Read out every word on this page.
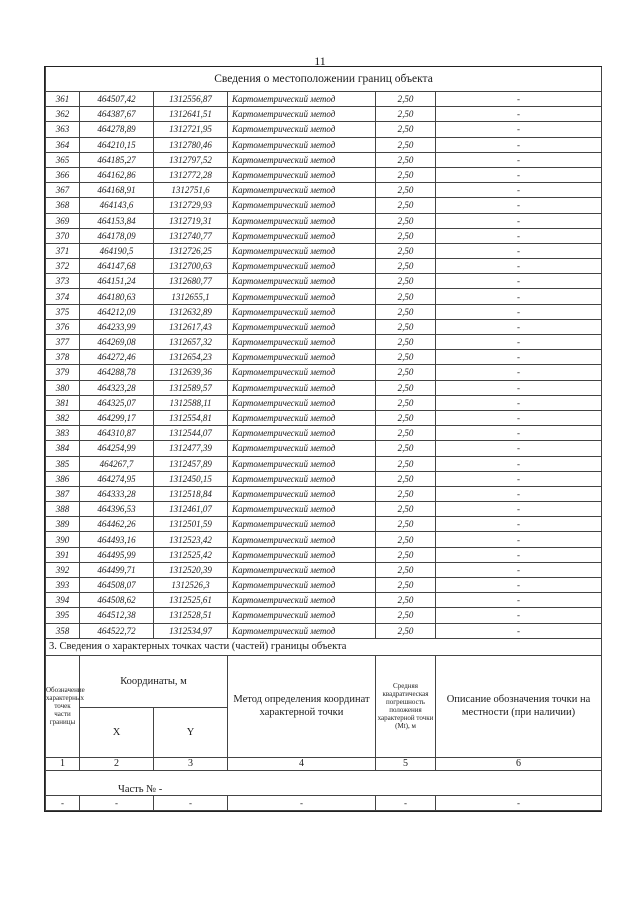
11
Сведения о местоположении границ объекта					
361	464507,42	1312556,87	Картометрический метод	2,50	-
362	464387,67	1312641,51	Картометрический метод	2,50	-
363	464278,89	1312721,95	Картометрический метод	2,50	-
364	464210,15	1312780,46	Картометрический метод	2,50	-
365	464185,27	1312797,52	Картометрический метод	2,50	-
366	464162,86	1312772,28	Картометрический метод	2,50	-
367	464168,91	1312751,6	Картометрический метод	2,50	-
368	464143,6	1312729,93	Картометрический метод	2,50	-
369	464153,84	1312719,31	Картометрический метод	2,50	-
370	464178,09	1312740,77	Картометрический метод	2,50	-
371	464190,5	1312726,25	Картометрический метод	2,50	-
372	464147,68	1312700,63	Картометрический метод	2,50	-
373	464151,24	1312680,77	Картометрический метод	2,50	-
374	464180,63	1312655,1	Картометрический метод	2,50	-
375	464212,09	1312632,89	Картометрический метод	2,50	-
376	464233,99	1312617,43	Картометрический метод	2,50	-
377	464269,08	1312657,32	Картометрический метод	2,50	-
378	464272,46	1312654,23	Картометрический метод	2,50	-
379	464288,78	1312639,36	Картометрический метод	2,50	-
380	464323,28	1312589,57	Картометрический метод	2,50	-
381	464325,07	1312588,11	Картометрический метод	2,50	-
382	464299,17	1312554,81	Картометрический метод	2,50	-
383	464310,87	1312544,07	Картометрический метод	2,50	-
384	464254,99	1312477,39	Картометрический метод	2,50	-
385	464267,7	1312457,89	Картометрический метод	2,50	-
386	464274,95	1312450,15	Картометрический метод	2,50	-
387	464333,28	1312518,84	Картометрический метод	2,50	-
388	464396,53	1312461,07	Картометрический метод	2,50	-
389	464462,26	1312501,59	Картометрический метод	2,50	-
390	464493,16	1312523,42	Картометрический метод	2,50	-
391	464495,99	1312525,42	Картометрический метод	2,50	-
392	464499,71	1312520,39	Картометрический метод	2,50	-
393	464508,07	1312526,3	Картометрический метод	2,50	-
394	464508,62	1312525,61	Картометрический метод	2,50	-
395	464512,38	1312528,51	Картометрический метод	2,50	-
358	464522,72	1312534,97	Картометрический метод	2,50	-
3. Сведения о характерных точках части (частей) границы объекта					
Обозначение характерных точек части границы	Координаты, м		Метод определения координат характерной точки	Средняя квадратическая погрешность положения характерной точки (Мt), м	Описание обозначения точки на местности (при наличии)
	X	Y			
1	2	3	4	5	6
Часть № -					
-	-	-	-	-	-
